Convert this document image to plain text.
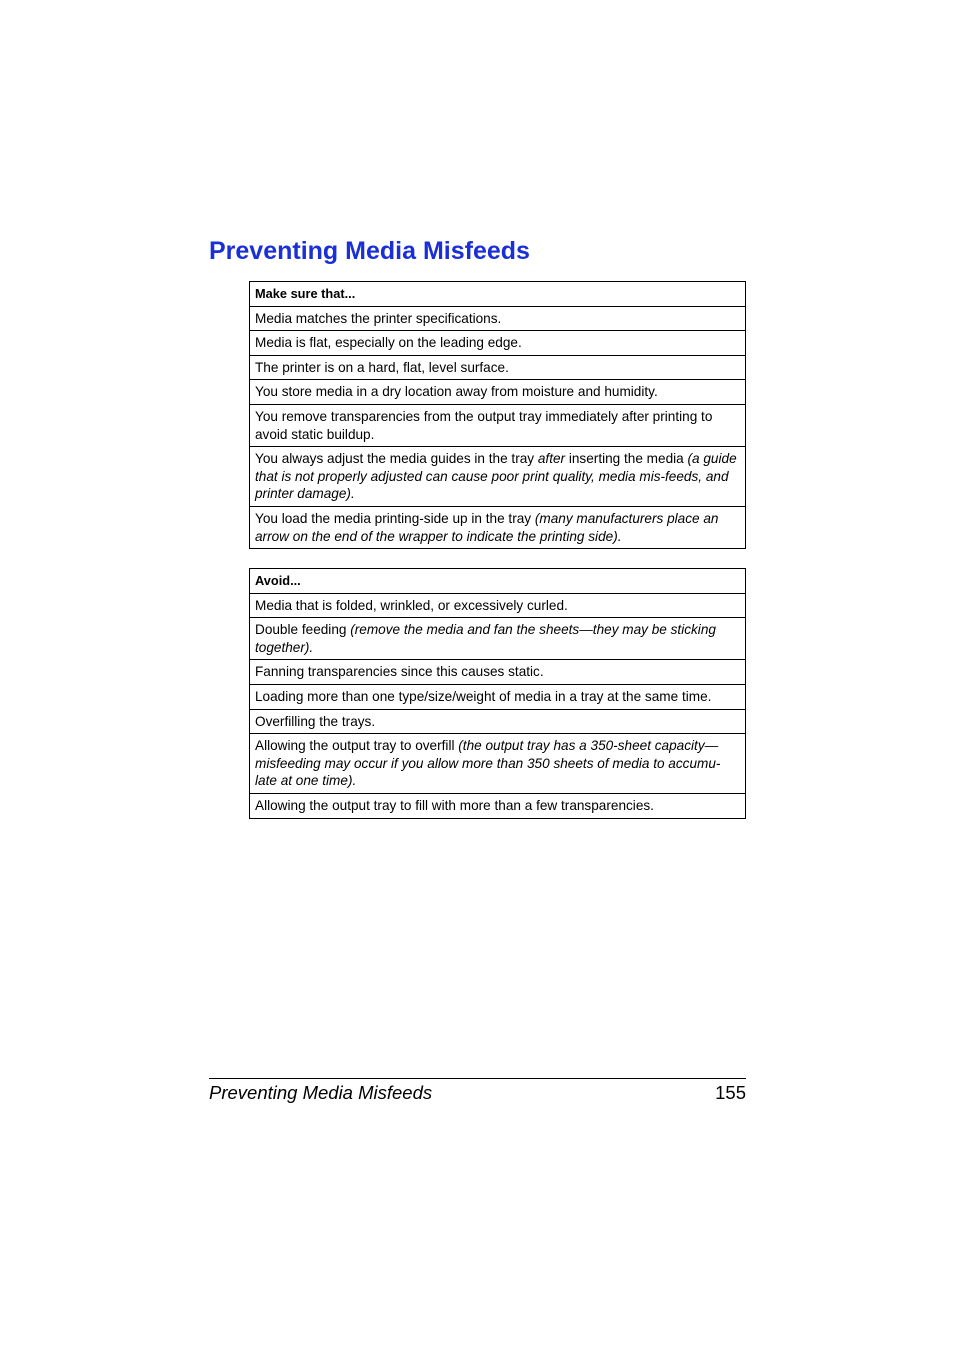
Preventing Media Misfeeds
Make sure that...
Media matches the printer specifications.
Media is flat, especially on the leading edge.
The printer is on a hard, flat, level surface.
You store media in a dry location away from moisture and humidity.
You remove transparencies from the output tray immediately after printing to avoid static buildup.
You always adjust the media guides in the tray after inserting the media (a guide that is not properly adjusted can cause poor print quality, media mis-feeds, and printer damage).
You load the media printing-side up in the tray (many manufacturers place an arrow on the end of the wrapper to indicate the printing side).
Avoid...
Media that is folded, wrinkled, or excessively curled.
Double feeding (remove the media and fan the sheets—they may be sticking together).
Fanning transparencies since this causes static.
Loading more than one type/size/weight of media in a tray at the same time.
Overfilling the trays.
Allowing the output tray to overfill (the output tray has a 350-sheet capacity—misfeeding may occur if you allow more than 350 sheets of media to accumu-late at one time).
Allowing the output tray to fill with more than a few transparencies.
Preventing Media Misfeeds	155
